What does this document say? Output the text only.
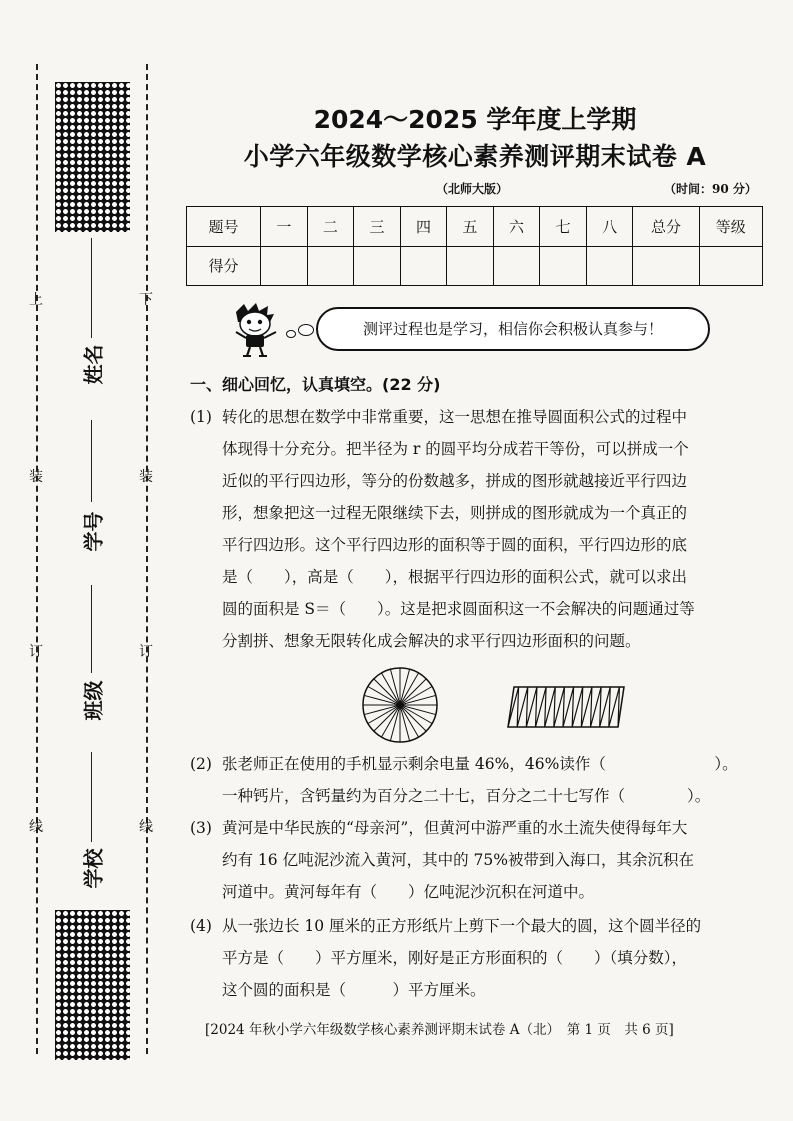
上
装
订
线
下
装
订
线
姓名
学号
班级
学校
2024～2025 学年度上学期
小学六年级数学核心素养测评期末试卷 A
（北师大版）	（时间：90 分）
题号	一	二	三	四	五	六	七	八	总分	等级
得分										
测评过程也是学习，相信你会积极认真参与！
一、细心回忆，认真填空。(22 分)
(1) 转化的思想在数学中非常重要，这一思想在推导圆面积公式的过程中

体现得十分充分。把半径为 r 的圆平均分成若干等份，可以拼成一个

近似的平行四边形，等分的份数越多，拼成的图形就越接近平行四边

形，想象把这一过程无限继续下去，则拼成的图形就成为一个真正的

平行四边形。这个平行四边形的面积等于圆的面积，平行四边形的底

是（　　），高是（　　），根据平行四边形的面积公式，就可以求出

圆的面积是 S＝（　　）。这是把求圆面积这一不会解决的问题通过等

分割拼、想象无限转化成会解决的求平行四边形面积的问题。

(2) 张老师正在使用的手机显示剩余电量 46%，46%读作（　　　　　　　）。

一种钙片，含钙量约为百分之二十七，百分之二十七写作（　　　　）。

(3) 黄河是中华民族的“母亲河”，但黄河中游严重的水土流失使得每年大

约有 16 亿吨泥沙流入黄河，其中的 75%被带到入海口，其余沉积在

河道中。黄河每年有（　　）亿吨泥沙沉积在河道中。

(4) 从一张边长 10 厘米的正方形纸片上剪下一个最大的圆，这个圆半径的

平方是（　　）平方厘米，刚好是正方形面积的（　　）（填分数），

这个圆的面积是（　　　）平方厘米。

[2024 年秋小学六年级数学核心素养测评期末试卷 A（北）　第 1 页　共 6 页]
